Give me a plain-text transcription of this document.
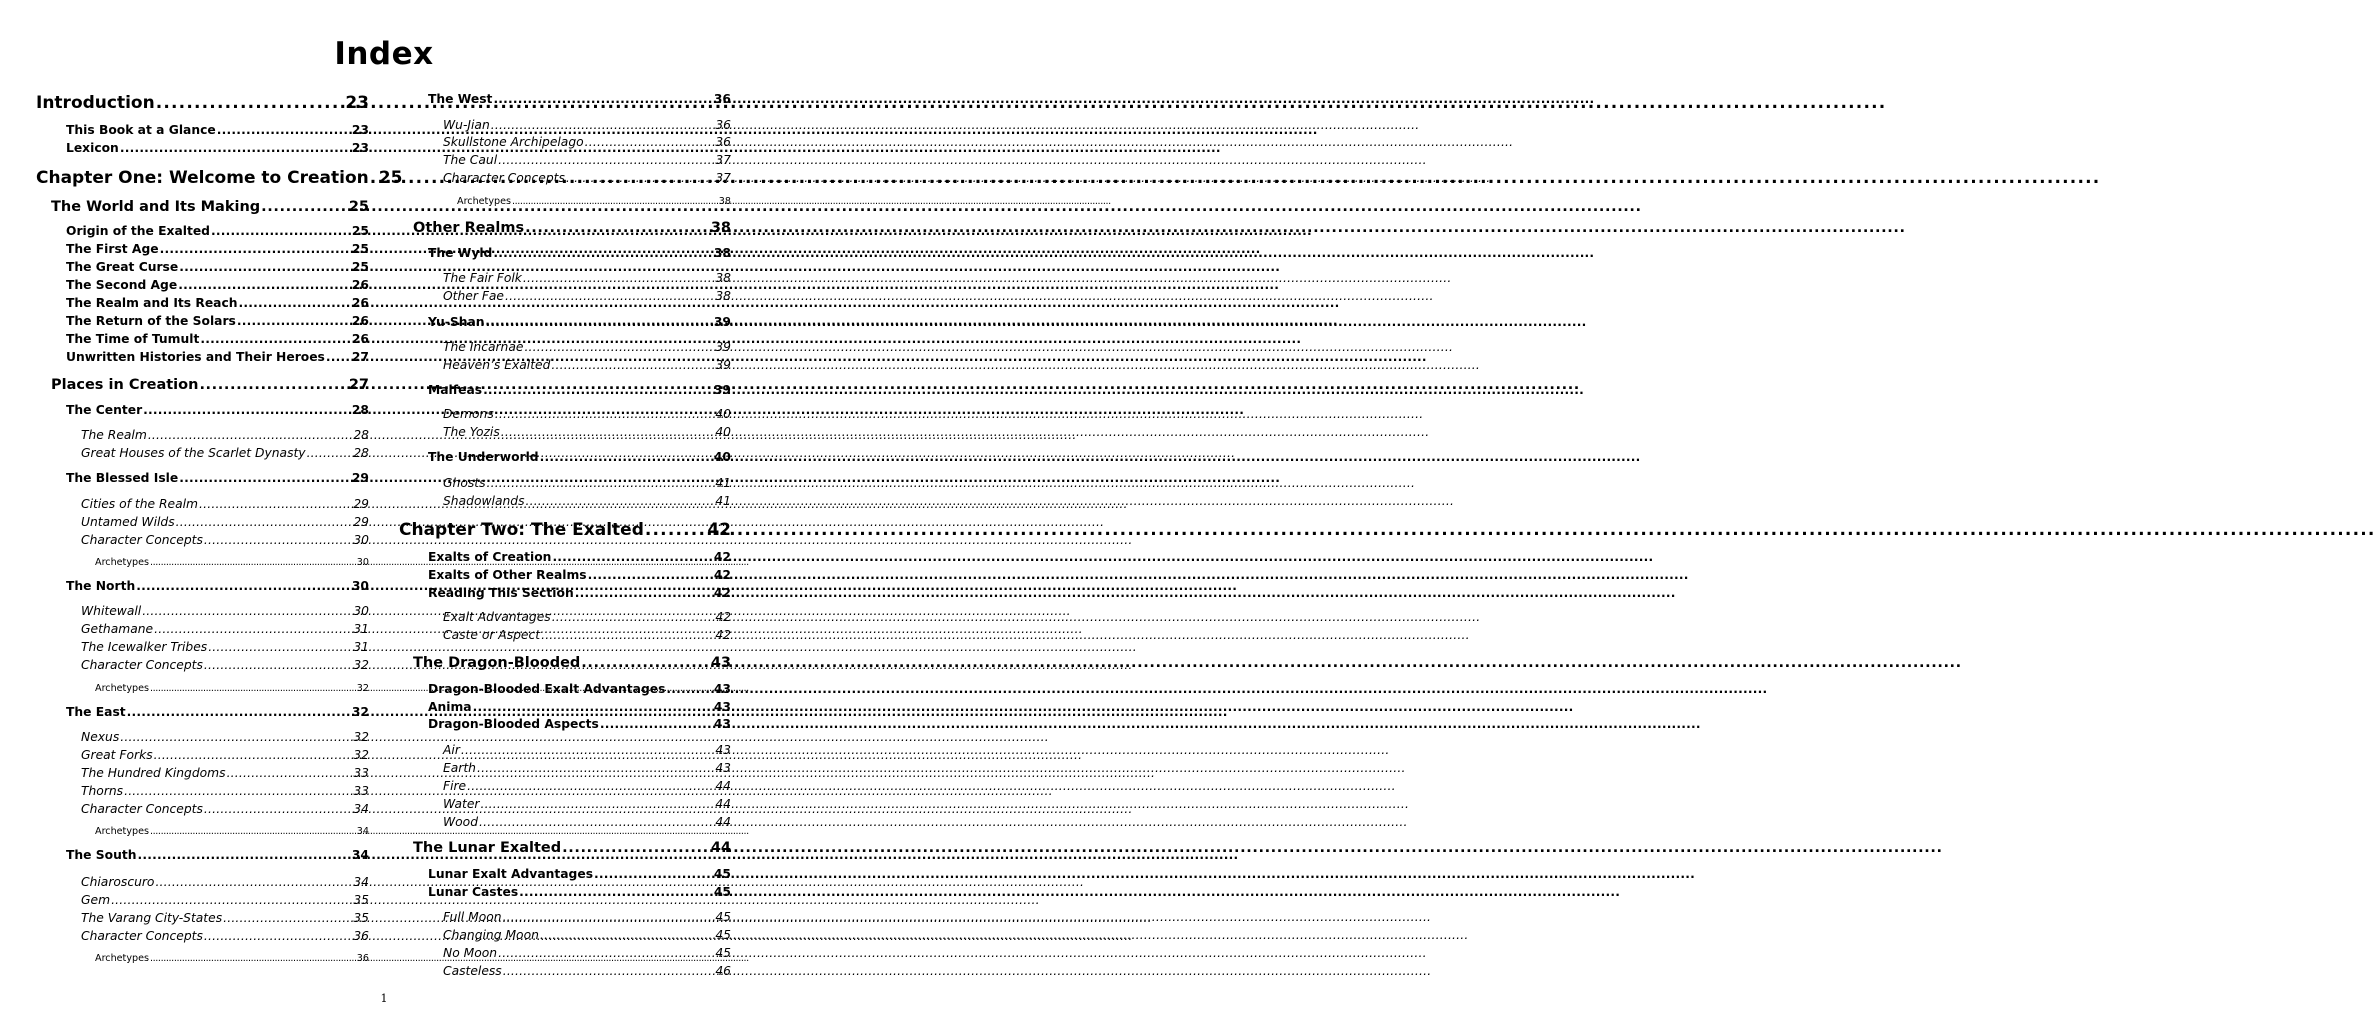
Index
Introduction .....	23
This Book at a Glance .....	23
Lexicon .....	23
Chapter One: Welcome to Creation ..... 25
The World and Its Making .....	25
Origin of the Exalted .....	25
The First Age .....	25
The Great Curse .....	25
The Second Age .....	26
The Realm and Its Reach .....	26
The Return of the Solars .....	26
The Time of Tumult .....	26
Unwritten Histories and Their Heroes ..... 27
Places in Creation .....	27
The Center .....	28
The Realm .....	28
Great Houses of the Scarlet Dynasty .....	28
The Blessed Isle .....	29
Cities of the Realm .....	29
Untamed Wilds .....	29
Character Concepts .....	30
Archetypes .....	30
The North .....	30
Whitewall .....	30
Gethamane .....	31
The Icewalker Tribes .....	31
Character Concepts .....	32
Archetypes .....	32
The East .....	32
Nexus .....	32
Great Forks .....	32
The Hundred Kingdoms .....	33
Thorns .....	33
Character Concepts .....	34
Archetypes .....	34
The South .....	34
Chiaroscuro .....	34
Gem .....	35
The Varang City-States .....	35
Character Concepts .....	36
Archetypes .....	36
The West .....	36
Wu-Jian .....	36
Skullstone Archipelago .....	36
The Caul .....	37
Character Concepts .....	37
Archetypes .....	38
Other Realms .....	38
The Wyld .....	38
The Fair Folk .....	38
Other Fae .....	38
Yu-Shan .....	39
The Incarnae .....	39
Heaven’s Exalted .....	39
Malfeas .....	39
Demons .....	40
The Yozis .....	40
The Underworld .....	40
Ghosts .....	41
Shadowlands .....	41
Chapter Two: The Exalted .....	42
Exalts of Creation .....	42
Exalts of Other Realms .....	42
Reading This Section .....	42
Exalt Advantages .....	42
Caste or Aspect .....	42
The Dragon-Blooded .....	43
Dragon-Blooded Exalt Advantages .....	43
Anima .....	43
Dragon-Blooded Aspects .....	43
Air .....	43
Earth .....	43
Fire .....	44
Water .....	44
Wood .....	44
The Lunar Exalted .....	44
Lunar Exalt Advantages .....	45
Lunar Castes .....	45
Full Moon .....	45
Changing Moon .....	45
No Moon .....	45
Casteless .....	46
1
